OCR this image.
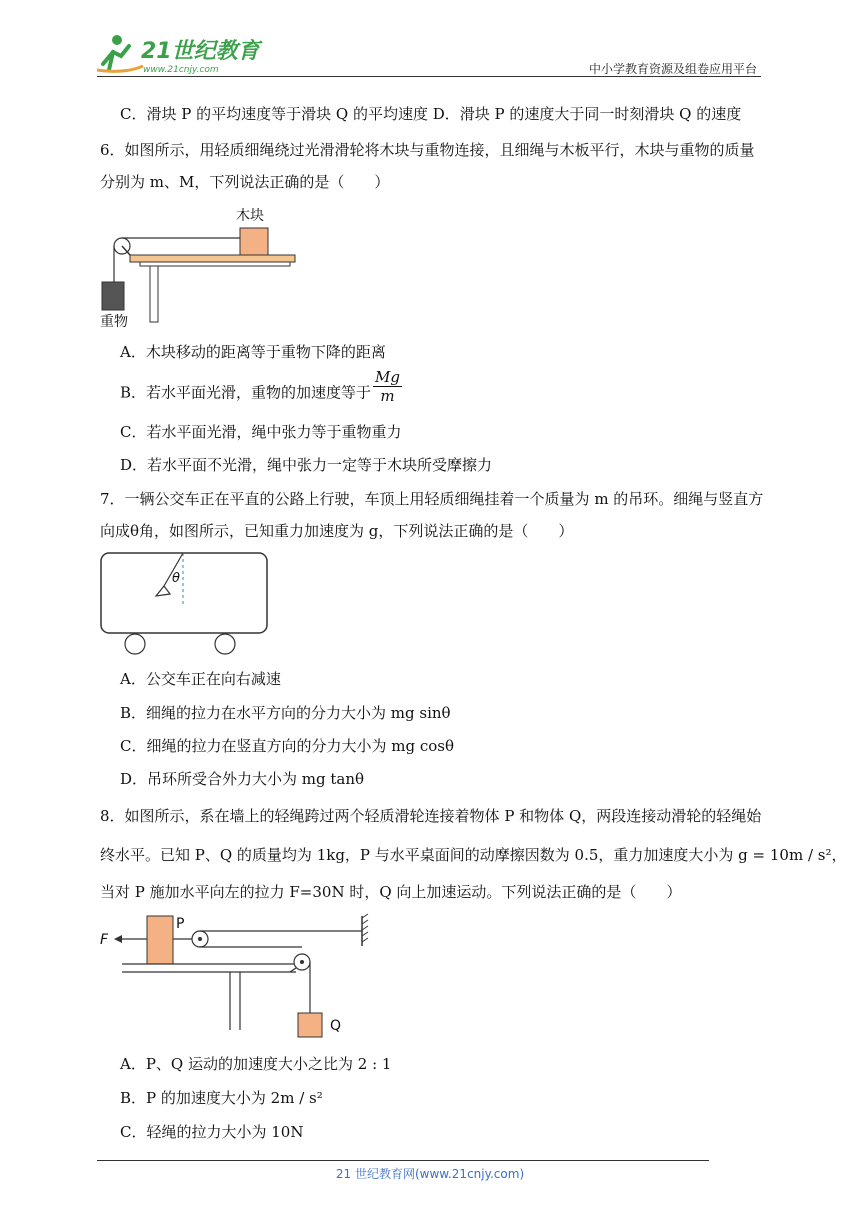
21世纪教育
www.21cnjy.com	中小学教育资源及组卷应用平台
C．滑块 P 的平均速度等于滑块 Q 的平均速度 D．滑块 P 的速度大于同一时刻滑块 Q 的速度
6．如图所示，用轻质细绳绕过光滑滑轮将木块与重物连接，且细绳与木板平行，木块与重物的质量
分别为 m、M，下列说法正确的是（　　）
木块
重物
A．木块移动的距离等于重物下降的距离
B．若水平面光滑，重物的加速度等于 $\frac{Mg}{m}$
C．若水平面光滑，绳中张力等于重物重力
D．若水平面不光滑，绳中张力一定等于木块所受摩擦力
7．一辆公交车正在平直的公路上行驶，车顶上用轻质细绳挂着一个质量为 m 的吊环。细绳与竖直方
向成θ角，如图所示，已知重力加速度为 g，下列说法正确的是（　　）
θ
A．公交车正在向右减速
B．细绳的拉力在水平方向的分力大小为 mg sinθ
C．细绳的拉力在竖直方向的分力大小为 mg cosθ
D．吊环所受合外力大小为 mg tanθ
8．如图所示，系在墙上的轻绳跨过两个轻质滑轮连接着物体 P 和物体 Q，两段连接动滑轮的轻绳始
终水平。已知 P、Q 的质量均为 1kg，P 与水平桌面间的动摩擦因数为 0.5，重力加速度大小为 g = 10m / s²，
当对 P 施加水平向左的拉力 F=30N 时，Q 向上加速运动。下列说法正确的是（　　）
F
P
Q
A．P、Q 运动的加速度大小之比为 2 : 1
B．P 的加速度大小为 2m / s²
C．轻绳的拉力大小为 10N
21 世纪教育网(www.21cnjy.com)
